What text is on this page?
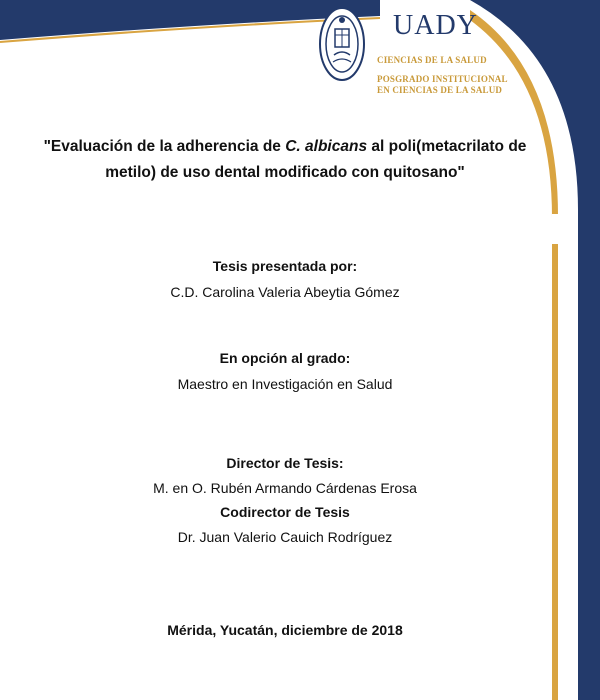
UADY
CIENCIAS DE LA SALUD
POSGRADO INSTITUCIONAL
EN CIENCIAS DE LA SALUD
"Evaluación de la adherencia de C. albicans al poli(metacrilato de metilo) de uso dental modificado con quitosano"
Tesis presentada por:
C.D. Carolina Valeria Abeytia Gómez
En opción al grado:
Maestro en Investigación en Salud
Director de Tesis:
M. en O. Rubén Armando Cárdenas Erosa
Codirector de Tesis
Dr. Juan Valerio Cauich Rodríguez
Mérida, Yucatán, diciembre de 2018
